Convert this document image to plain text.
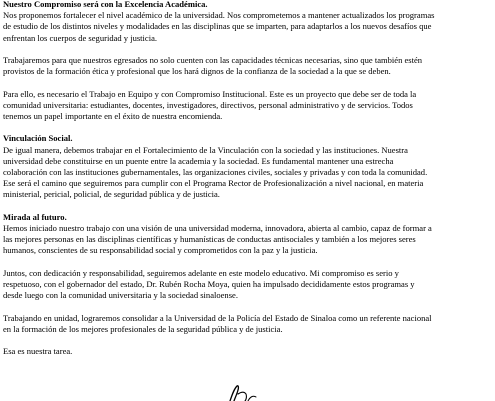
Nuestro Compromiso será con la Excelencia Académica.
Nos proponemos fortalecer el nivel académico de la universidad. Nos comprometemos a mantener actualizados los programas
de estudio de los distintos niveles y modalidades en las disciplinas que se imparten, para adaptarlos a los nuevos desafíos que
enfrentan los cuerpos de seguridad y justicia.

Trabajaremos para que nuestros egresados no solo cuenten con las capacidades técnicas necesarias, sino que también estén
provistos de la formación ética y profesional que los hará dignos de la confianza de la sociedad a la que se deben.

Para ello, es necesario el Trabajo en Equipo y con Compromiso Institucional. Este es un proyecto que debe ser de toda la
comunidad universitaria: estudiantes, docentes, investigadores, directivos, personal administrativo y de servicios. Todos
tenemos un papel importante en el éxito de nuestra encomienda.

Vinculación Social.
De igual manera, debemos trabajar en el Fortalecimiento de la Vinculación con la sociedad y las instituciones. Nuestra
universidad debe constituirse en un puente entre la academia y la sociedad. Es fundamental mantener una estrecha
colaboración con las instituciones gubernamentales, las organizaciones civiles, sociales y privadas y con toda la comunidad.
Ese será el camino que seguiremos para cumplir con el Programa Rector de Profesionalización a nivel nacional, en materia
ministerial, pericial, policial, de seguridad pública y de justicia.

Mirada al futuro.
Hemos iniciado nuestro trabajo con una visión de una universidad moderna, innovadora, abierta al cambio, capaz de formar a
las mejores personas en las disciplinas científicas y humanísticas de conductas antisociales y también a los mejores seres
humanos, conscientes de su responsabilidad social y comprometidos con la paz y la justicia.

Juntos, con dedicación y responsabilidad, seguiremos adelante en este modelo educativo. Mi compromiso es serio y
respetuoso, con el gobernador del estado, Dr. Rubén Rocha Moya, quien ha impulsado decididamente estos programas y
desde luego con la comunidad universitaria y la sociedad sinaloense.

Trabajando en unidad, lograremos consolidar a la Universidad de la Policía del Estado de Sinaloa como un referente nacional
en la formación de los mejores profesionales de la seguridad pública y de justicia.

Esa es nuestra tarea.
